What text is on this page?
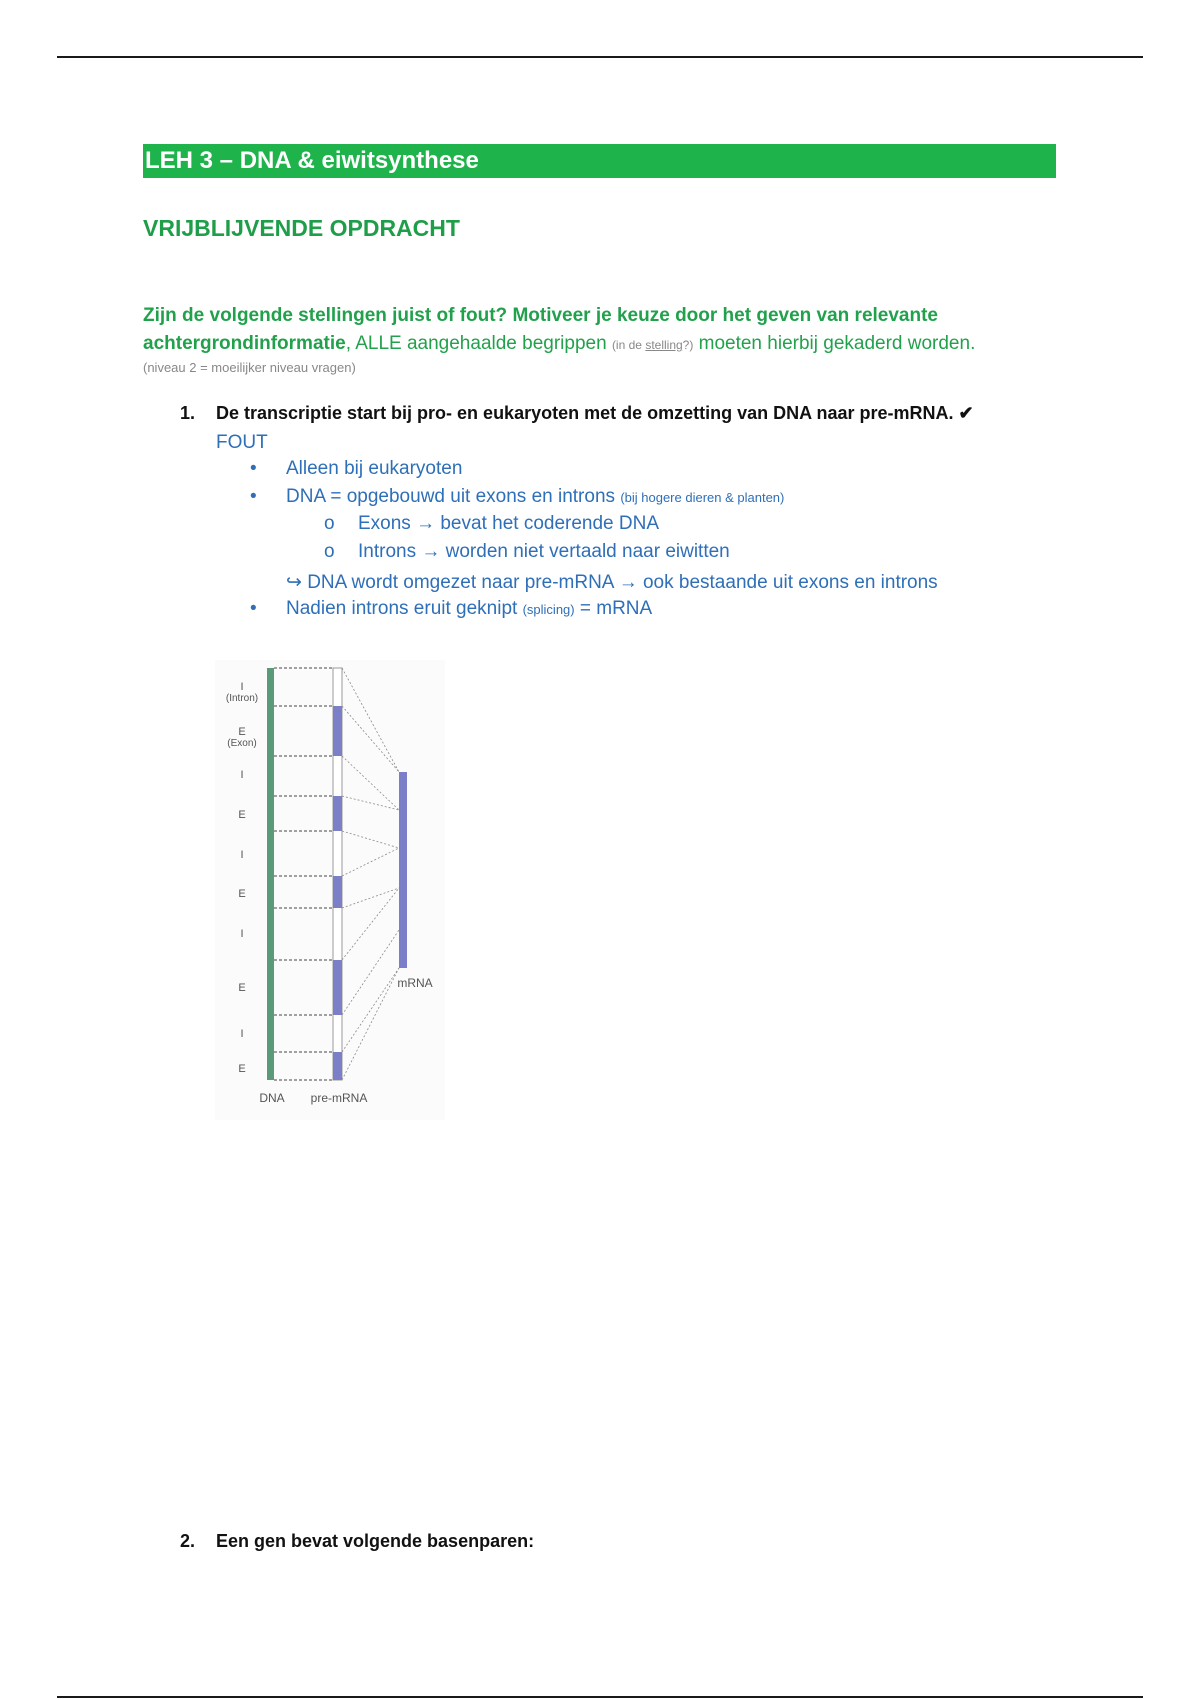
LEH 3 – DNA & eiwitsynthese
VRIJBLIJVENDE OPDRACHT
Zijn de volgende stellingen juist of fout? Motiveer je keuze door het geven van relevante achtergrondinformatie, ALLE aangehaalde begrippen (in de stelling?) moeten hierbij gekaderd worden.
(niveau 2 = moeilijker niveau vragen)
1. De transcriptie start bij pro- en eukaryoten met de omzetting van DNA naar pre-mRNA. ✔
FOUT
• Alleen bij eukaryoten
• DNA = opgebouwd uit exons en introns (bij hogere dieren & planten)
o Exons → bevat het coderende DNA
o Introns → worden niet vertaald naar eiwitten
↪ DNA wordt omgezet naar pre-mRNA → ook bestaande uit exons en introns
• Nadien introns eruit geknipt (splicing) = mRNA
I
(Intron)
E
(Exon)
I
E
I
E
I
E
I
E
mRNA
DNA pre-mRNA
2. Een gen bevat volgende basenparen:
